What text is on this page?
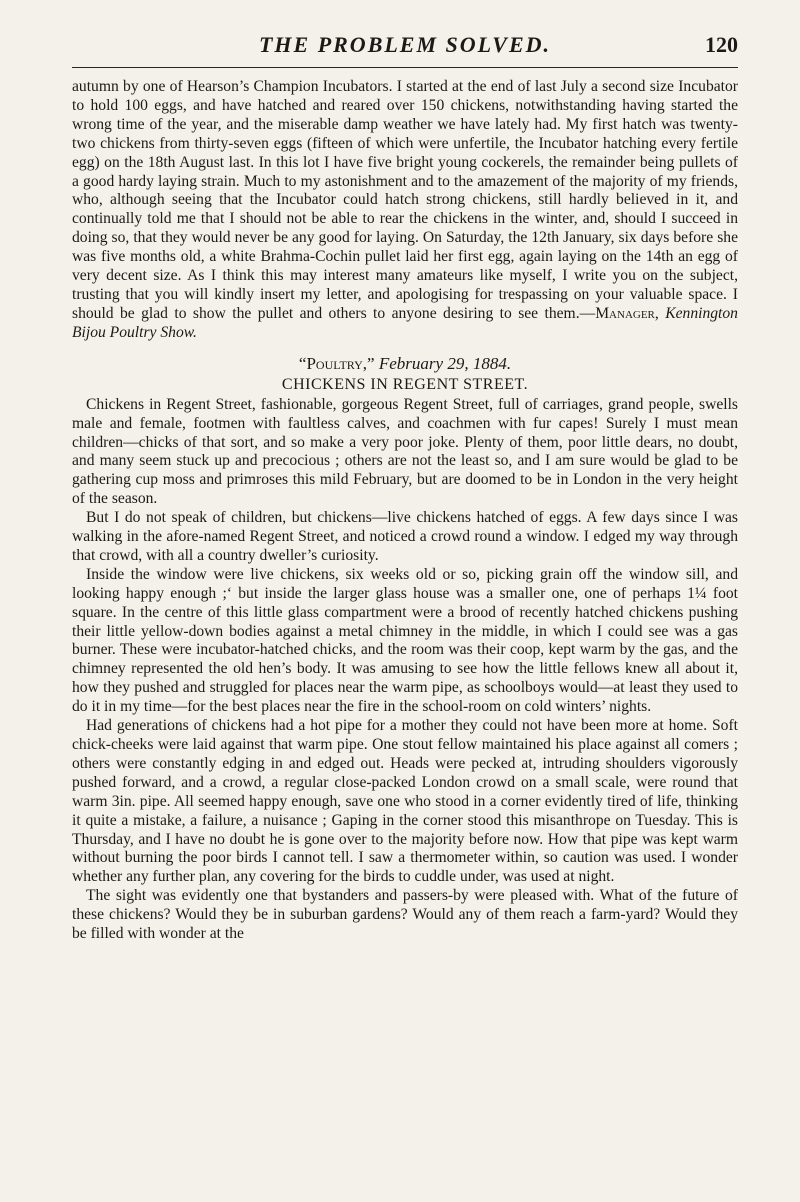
THE PROBLEM SOLVED.	120

autumn by one of Hearson’s Champion Incubators. I started at the end of last July a second size Incubator to hold 100 eggs, and have hatched and reared over 150 chickens, notwithstanding having started the wrong time of the year, and the miserable damp weather we have lately had. My first hatch was twenty-two chickens from thirty-seven eggs (fifteen of which were unfertile, the Incubator hatching every fertile egg) on the 18th August last. In this lot I have five bright young cockerels, the remainder being pullets of a good hardy laying strain. Much to my astonishment and to the amazement of the majority of my friends, who, although seeing that the Incubator could hatch strong chickens, still hardly believed in it, and continually told me that I should not be able to rear the chickens in the winter, and, should I succeed in doing so, that they would never be any good for laying. On Saturday, the 12th January, six days before she was five months old, a white Brahma-Cochin pullet laid her first egg, again laying on the 14th an egg of very decent size. As I think this may interest many amateurs like myself, I write you on the subject, trusting that you will kindly insert my letter, and apologising for trespassing on your valuable space. I should be glad to show the pullet and others to anyone desiring to see them.—Manager, Kennington Bijou Poultry Show.

“Poultry,” February 29, 1884.
CHICKENS IN REGENT STREET.

Chickens in Regent Street, fashionable, gorgeous Regent Street, full of carriages, grand people, swells male and female, footmen with faultless calves, and coachmen with fur capes! Surely I must mean children—chicks of that sort, and so make a very poor joke. Plenty of them, poor little dears, no doubt, and many seem stuck up and precocious ; others are not the least so, and I am sure would be glad to be gathering cup moss and primroses this mild February, but are doomed to be in London in the very height of the season.

But I do not speak of children, but chickens—live chickens hatched of eggs. A few days since I was walking in the afore-named Regent Street, and noticed a crowd round a window. I edged my way through that crowd, with all a country dweller’s curiosity.

Inside the window were live chickens, six weeks old or so, picking grain off the window sill, and looking happy enough ;‘ but inside the larger glass house was a smaller one, one of perhaps 1¼ foot square. In the centre of this little glass compartment were a brood of recently hatched chickens pushing their little yellow-down bodies against a metal chimney in the middle, in which I could see was a gas burner. These were incubator-hatched chicks, and the room was their coop, kept warm by the gas, and the chimney represented the old hen’s body. It was amusing to see how the little fellows knew all about it, how they pushed and struggled for places near the warm pipe, as schoolboys would—at least they used to do it in my time—for the best places near the fire in the school-room on cold winters’ nights.

Had generations of chickens had a hot pipe for a mother they could not have been more at home. Soft chick-cheeks were laid against that warm pipe. One stout fellow maintained his place against all comers ; others were constantly edging in and edged out. Heads were pecked at, intruding shoulders vigorously pushed forward, and a crowd, a regular close-packed London crowd on a small scale, were round that warm 3in. pipe. All seemed happy enough, save one who stood in a corner evidently tired of life, thinking it quite a mistake, a failure, a nuisance ; Gaping in the corner stood this misanthrope on Tuesday. This is Thursday, and I have no doubt he is gone over to the majority before now. How that pipe was kept warm without burning the poor birds I cannot tell. I saw a thermometer within, so caution was used. I wonder whether any further plan, any covering for the birds to cuddle under, was used at night.

The sight was evidently one that bystanders and passers-by were pleased with. What of the future of these chickens? Would they be in suburban gardens? Would any of them reach a farm-yard? Would they be filled with wonder at the
